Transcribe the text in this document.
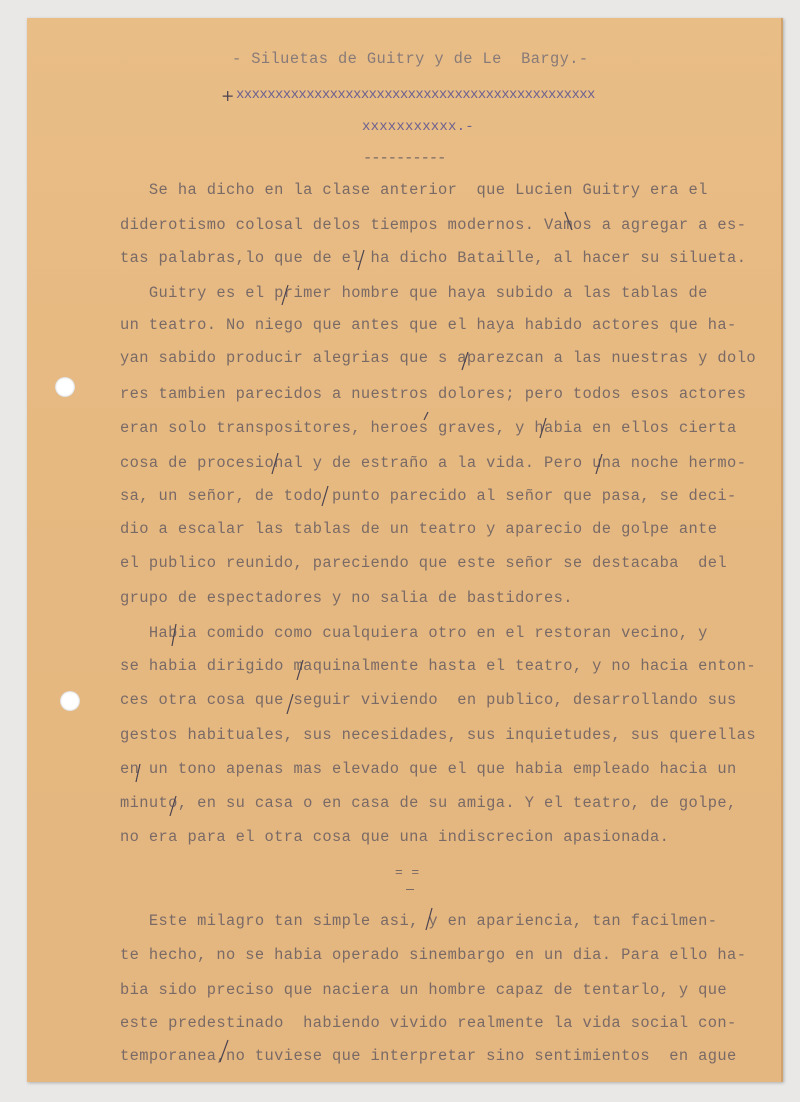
- Siluetas de Guitry y de Le  Bargy.-
+ xxxxxxxxxxxxxxxxxxxxxxxxxxxxxxxxxxxxxxxxxxxxxx
xxxxxxxxxxx.-
----------
Se ha dicho en la clase anterior  que Lucien Guitry era el
diderotismo colosal delos tiempos modernos. Vamos a agregar a es-
tas palabras,lo que de el ha dicho Bataille, al hacer su silueta.
Guitry es el primer hombre que haya subido a las tablas de
un teatro. No niego que antes que el haya habido actores que ha-
yan sabido producir alegrias que s aparezcan a las nuestras y dolo
res tambien parecidos a nuestros dolores; pero todos esos actores
eran solo transpositores, heroes graves, y habia en ellos cierta
cosa de procesional y de estraño a la vida. Pero una noche hermo-
sa, un señor, de todo punto parecido al señor que pasa, se deci-
dio a escalar las tablas de un teatro y aparecio de golpe ante
el publico reunido, pareciendo que este señor se destacaba  del
grupo de espectadores y no salia de bastidores.
Habia comido como cualquiera otro en el restoran vecino, y
se habia dirigido maquinalmente hasta el teatro, y no hacia enton-
ces otra cosa que seguir viviendo  en publico, desarrollando sus
gestos habituales, sus necesidades, sus inquietudes, sus querellas
en un tono apenas mas elevado que el que habia empleado hacia un
minuto, en su casa o en casa de su amiga. Y el teatro, de golpe,
no era para el otra cosa que una indiscrecion apasionada.
= =
Este milagro tan simple asi, y en apariencia, tan facilmen-
te hecho, no se habia operado sinembargo en un dia. Para ello ha-
bia sido preciso que naciera un hombre capaz de tentarlo, y que
este predestinado  habiendo vivido realmente la vida social con-
temporanea,no tuviese que interpretar sino sentimientos  en ague
